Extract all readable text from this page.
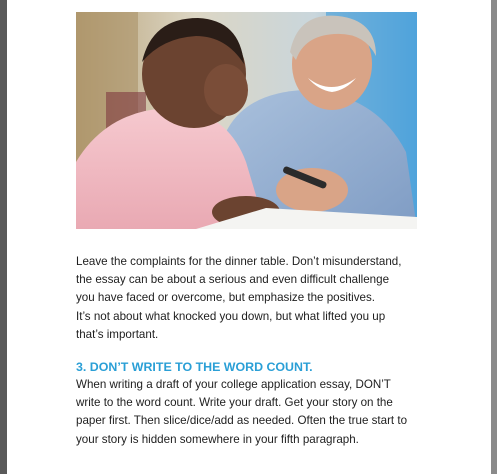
Leave the complaints for the dinner table. Don’t misunderstand,
the essay can be about a serious and even difficult challenge
you have faced or overcome, but emphasize the positives.
It’s not about what knocked you down, but what lifted you up
that’s important.

3. DON’T WRITE TO THE WORD COUNT.

When writing a draft of your college application essay, DON’T
write to the word count. Write your draft. Get your story on the
paper first. Then slice/dice/add as needed. Often the true start to
your story is hidden somewhere in your fifth paragraph.
